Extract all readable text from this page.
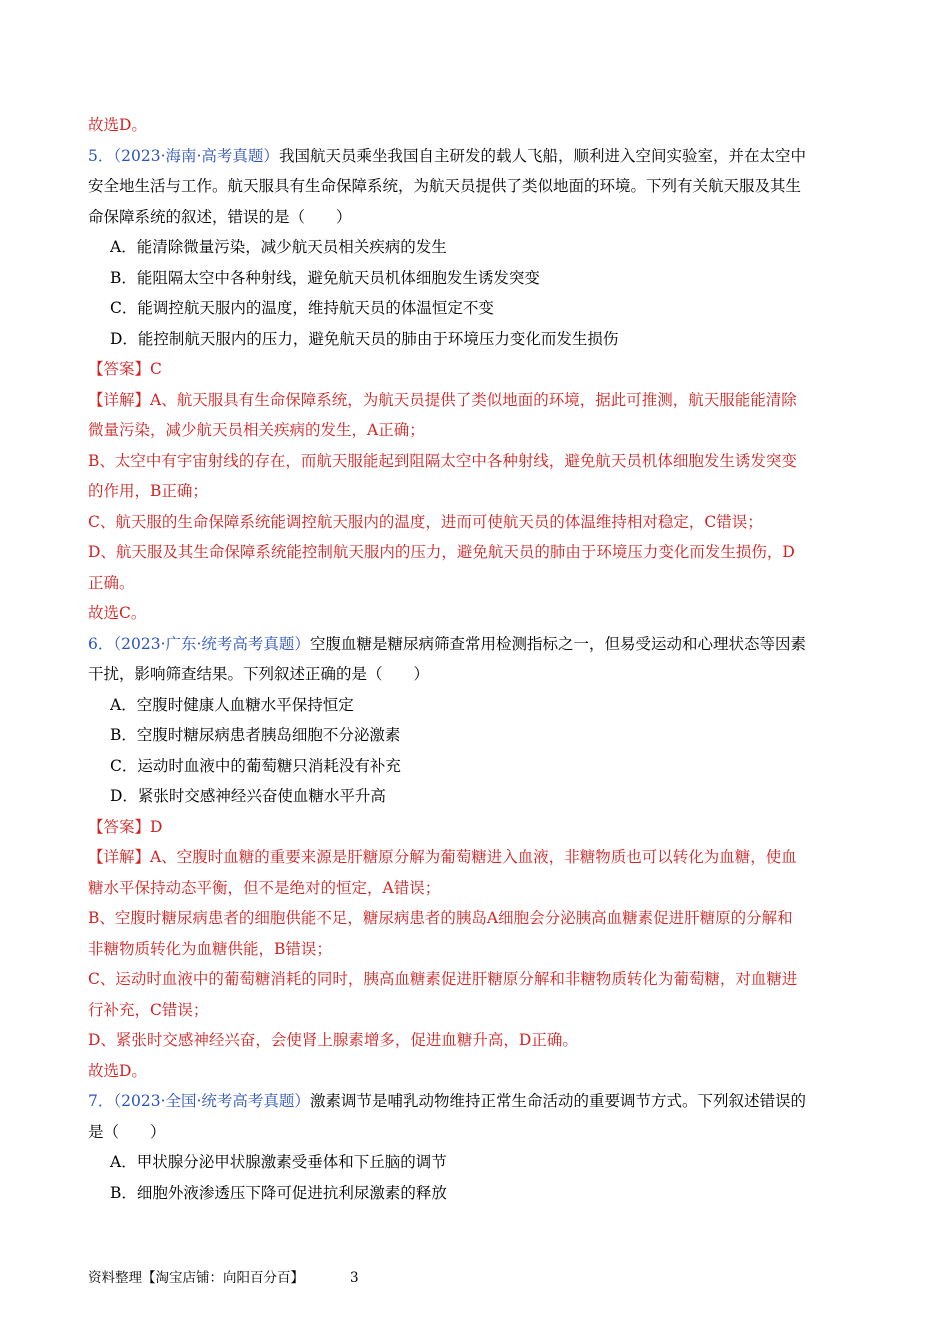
故选D。
5．（2023·海南·高考真题）我国航天员乘坐我国自主研发的载人飞船，顺利进入空间实验室，并在太空中
安全地生活与工作。航天服具有生命保障系统，为航天员提供了类似地面的环境。下列有关航天服及其生
命保障系统的叙述，错误的是（　　）
A．能清除微量污染，减少航天员相关疾病的发生
B．能阻隔太空中各种射线，避免航天员机体细胞发生诱发突变
C．能调控航天服内的温度，维持航天员的体温恒定不变
D．能控制航天服内的压力，避免航天员的肺由于环境压力变化而发生损伤
【答案】C
【详解】A、航天服具有生命保障系统，为航天员提供了类似地面的环境，据此可推测，航天服能能清除
微量污染，减少航天员相关疾病的发生，A正确；
B、太空中有宇宙射线的存在，而航天服能起到阻隔太空中各种射线，避免航天员机体细胞发生诱发突变
的作用，B正确；
C、航天服的生命保障系统能调控航天服内的温度，进而可使航天员的体温维持相对稳定，C错误；
D、航天服及其生命保障系统能控制航天服内的压力，避免航天员的肺由于环境压力变化而发生损伤，D
正确。
故选C。
6．（2023·广东·统考高考真题）空腹血糖是糖尿病筛查常用检测指标之一，但易受运动和心理状态等因素
干扰，影响筛查结果。下列叙述正确的是（　　）
A．空腹时健康人血糖水平保持恒定
B．空腹时糖尿病患者胰岛细胞不分泌激素
C．运动时血液中的葡萄糖只消耗没有补充
D．紧张时交感神经兴奋使血糖水平升高
【答案】D
【详解】A、空腹时血糖的重要来源是肝糖原分解为葡萄糖进入血液，非糖物质也可以转化为血糖，使血
糖水平保持动态平衡，但不是绝对的恒定，A错误；
B、空腹时糖尿病患者的细胞供能不足，糖尿病患者的胰岛A细胞会分泌胰高血糖素促进肝糖原的分解和
非糖物质转化为血糖供能，B错误；
C、运动时血液中的葡萄糖消耗的同时，胰高血糖素促进肝糖原分解和非糖物质转化为葡萄糖，对血糖进
行补充，C错误；
D、紧张时交感神经兴奋，会使肾上腺素增多，促进血糖升高，D正确。
故选D。
7．（2023·全国·统考高考真题）激素调节是哺乳动物维持正常生命活动的重要调节方式。下列叙述错误的
是（　　）
A．甲状腺分泌甲状腺激素受垂体和下丘脑的调节
B．细胞外液渗透压下降可促进抗利尿激素的释放
资料整理【淘宝店铺：向阳百分百】	3
